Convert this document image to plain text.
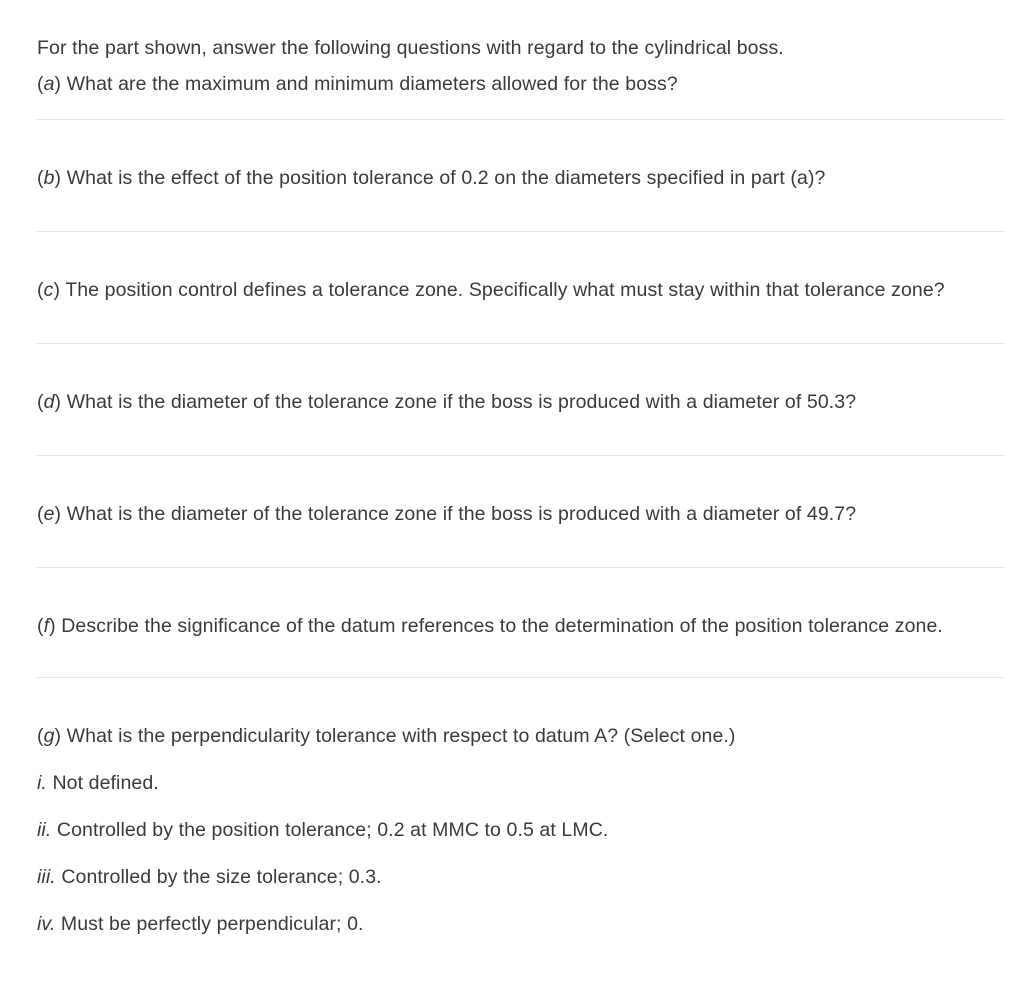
For the part shown, answer the following questions with regard to the cylindrical boss.
(a) What are the maximum and minimum diameters allowed for the boss?
(b) What is the effect of the position tolerance of 0.2 on the diameters specified in part (a)?
(c) The position control defines a tolerance zone. Specifically what must stay within that tolerance zone?
(d) What is the diameter of the tolerance zone if the boss is produced with a diameter of 50.3?
(e) What is the diameter of the tolerance zone if the boss is produced with a diameter of 49.7?
(f) Describe the significance of the datum references to the determination of the position tolerance zone.
(g) What is the perpendicularity tolerance with respect to datum A? (Select one.)
i. Not defined.
ii. Controlled by the position tolerance; 0.2 at MMC to 0.5 at LMC.
iii. Controlled by the size tolerance; 0.3.
iv. Must be perfectly perpendicular; 0.
